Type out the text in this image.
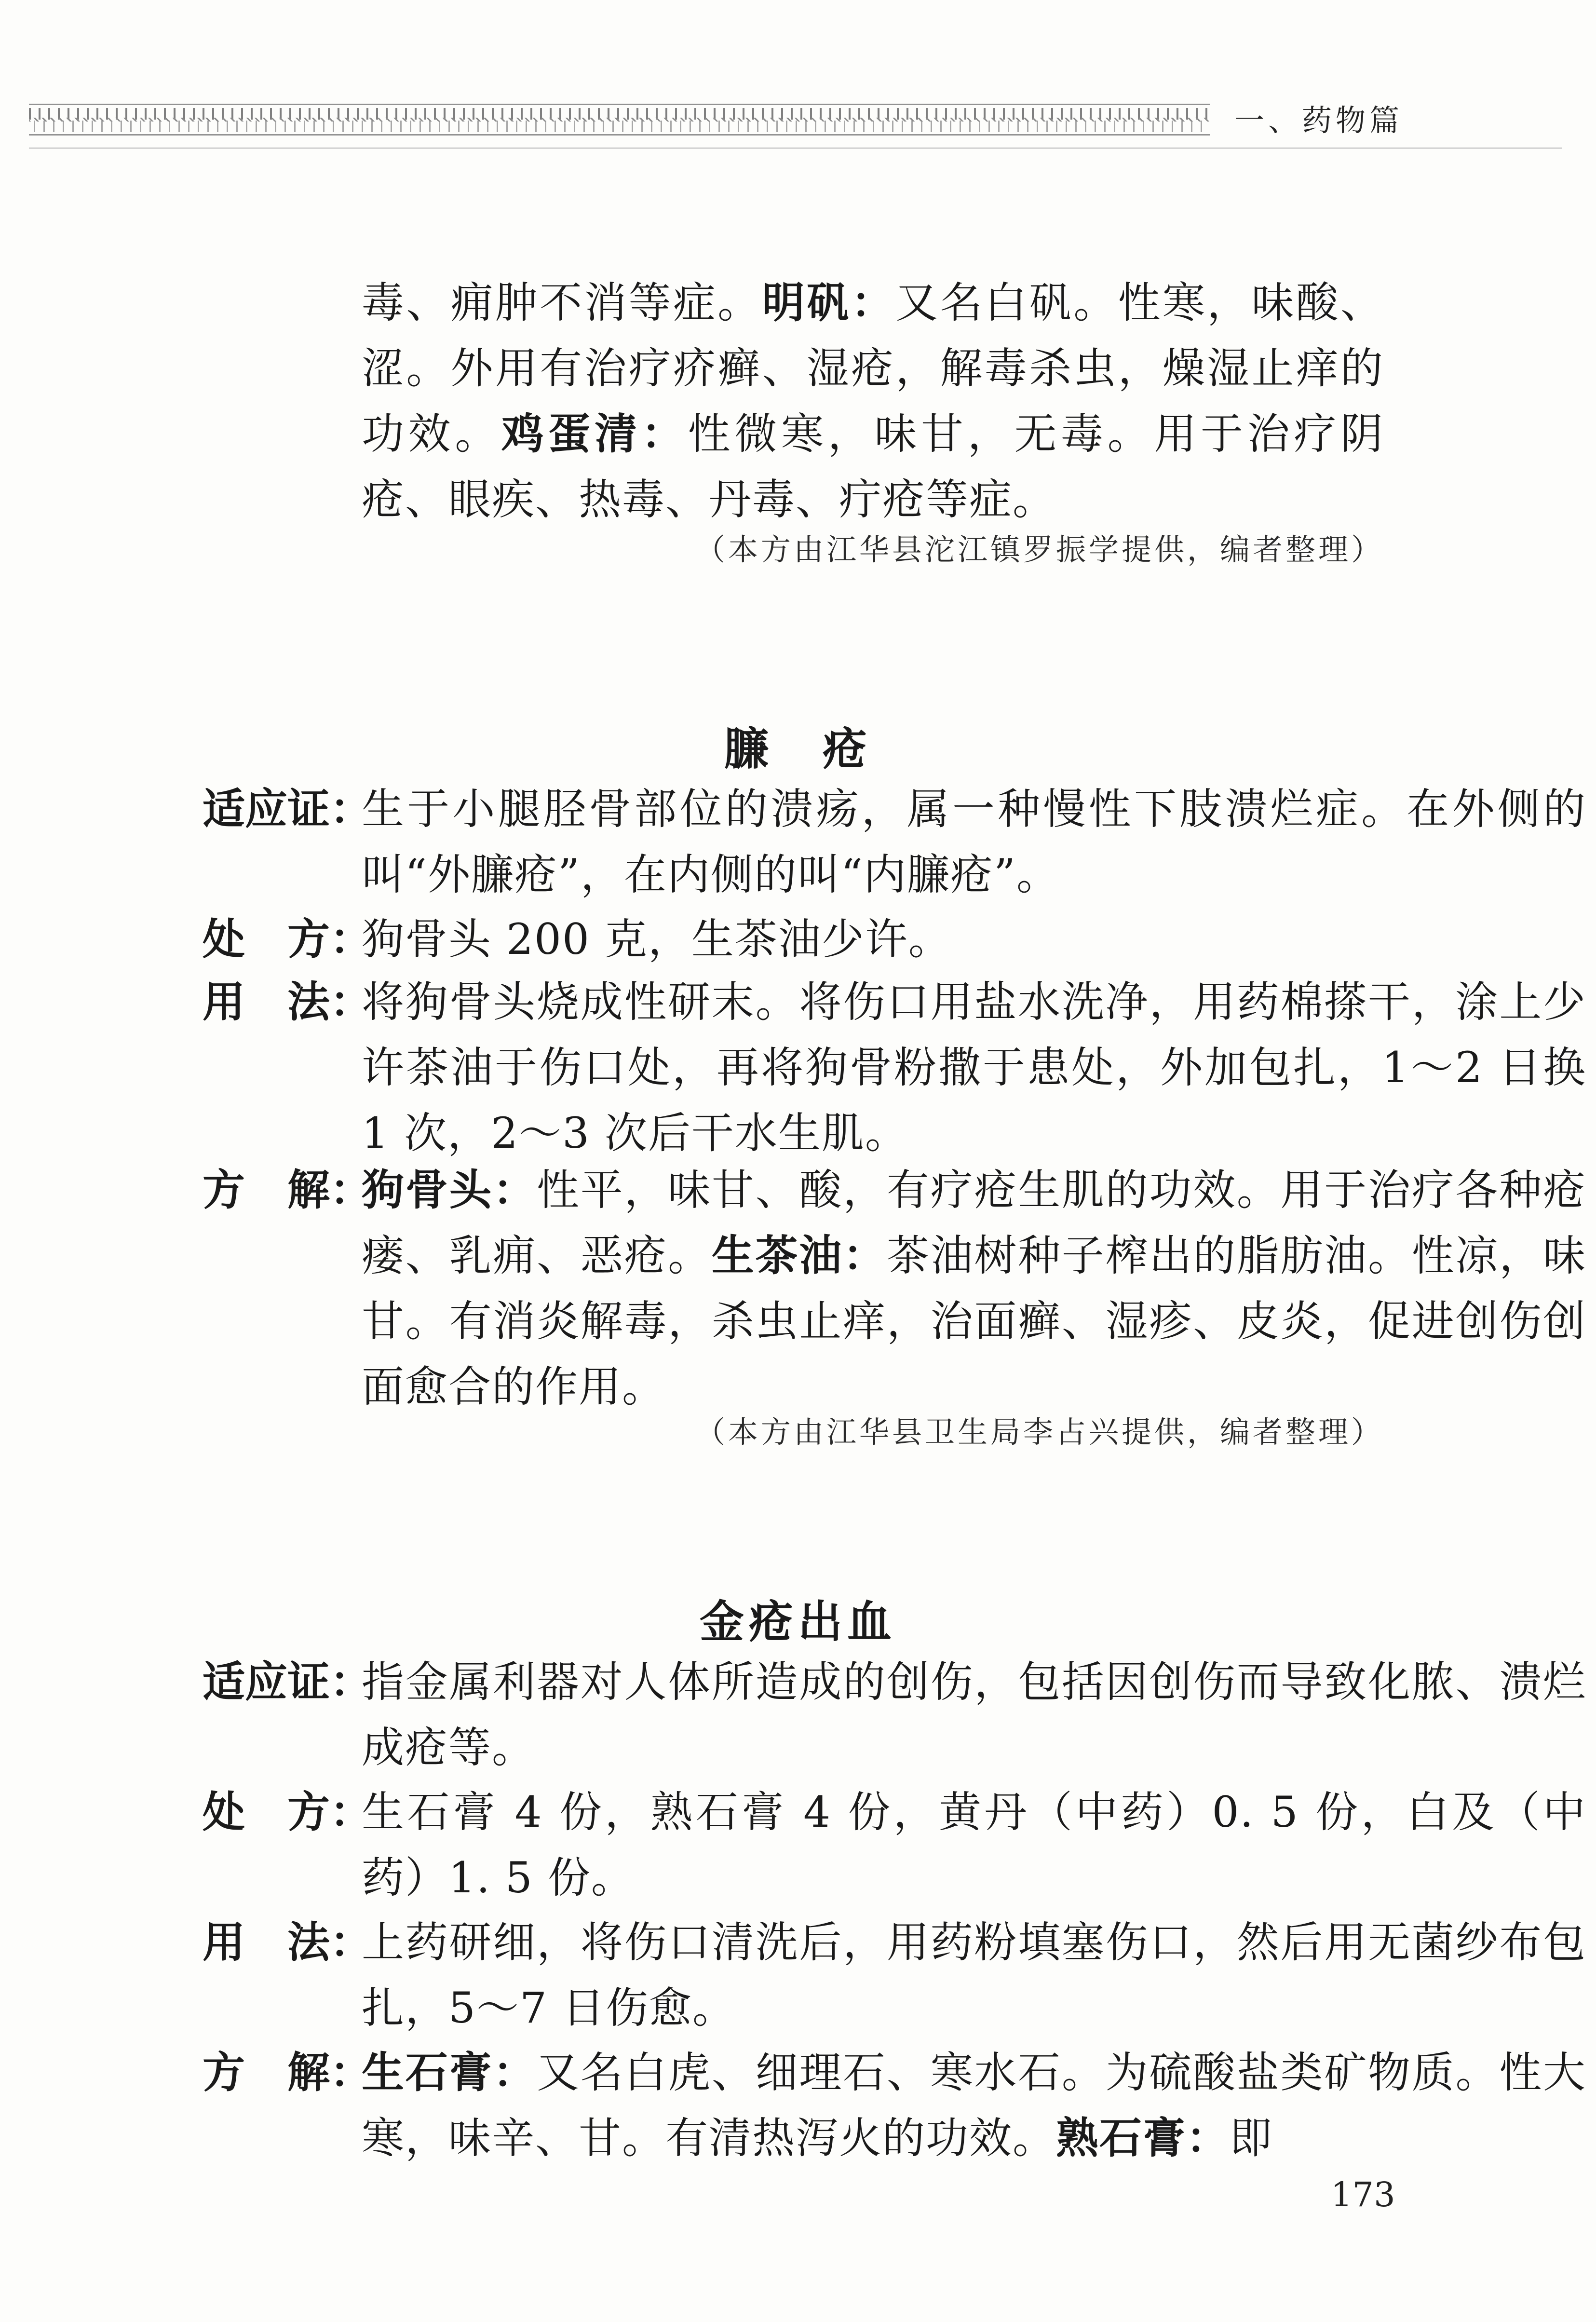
一、药物篇
毒、痈肿不消等症。明矾：又名白矾。性寒，味酸、涩。外用有治疗疥癣、湿疮，解毒杀虫，燥湿止痒的功效。鸡蛋清：性微寒，味甘，无毒。用于治疗阴疮、眼疾、热毒、丹毒、疔疮等症。
（本方由江华县沱江镇罗振学提供，编者整理）
臁　疮
适应证：
生于小腿胫骨部位的溃疡，属一种慢性下肢溃烂症。在外侧的叫“外臁疮”，在内侧的叫“内臁疮”。
处　方：
狗骨头 200 克，生茶油少许。
用　法：
将狗骨头烧成性研末。将伤口用盐水洗净，用药棉搽干，涂上少许茶油于伤口处，再将狗骨粉撒于患处，外加包扎，1～2 日换 1 次，2～3 次后干水生肌。
方　解：
狗骨头：性平，味甘、酸，有疗疮生肌的功效。用于治疗各种疮瘘、乳痈、恶疮。生茶油：茶油树种子榨出的脂肪油。性凉，味甘。有消炎解毒，杀虫止痒，治面癣、湿疹、皮炎，促进创伤创面愈合的作用。
（本方由江华县卫生局李占兴提供，编者整理）
金疮出血
适应证：
指金属利器对人体所造成的创伤，包括因创伤而导致化脓、溃烂成疮等。
处　方：
生石膏 4 份，熟石膏 4 份，黄丹（中药）0. 5 份，白及（中药）1. 5 份。
用　法：
上药研细，将伤口清洗后，用药粉填塞伤口，然后用无菌纱布包扎，5～7 日伤愈。
方　解：
生石膏：又名白虎、细理石、寒水石。为硫酸盐类矿物质。性大寒，味辛、甘。有清热泻火的功效。熟石膏：即
173
